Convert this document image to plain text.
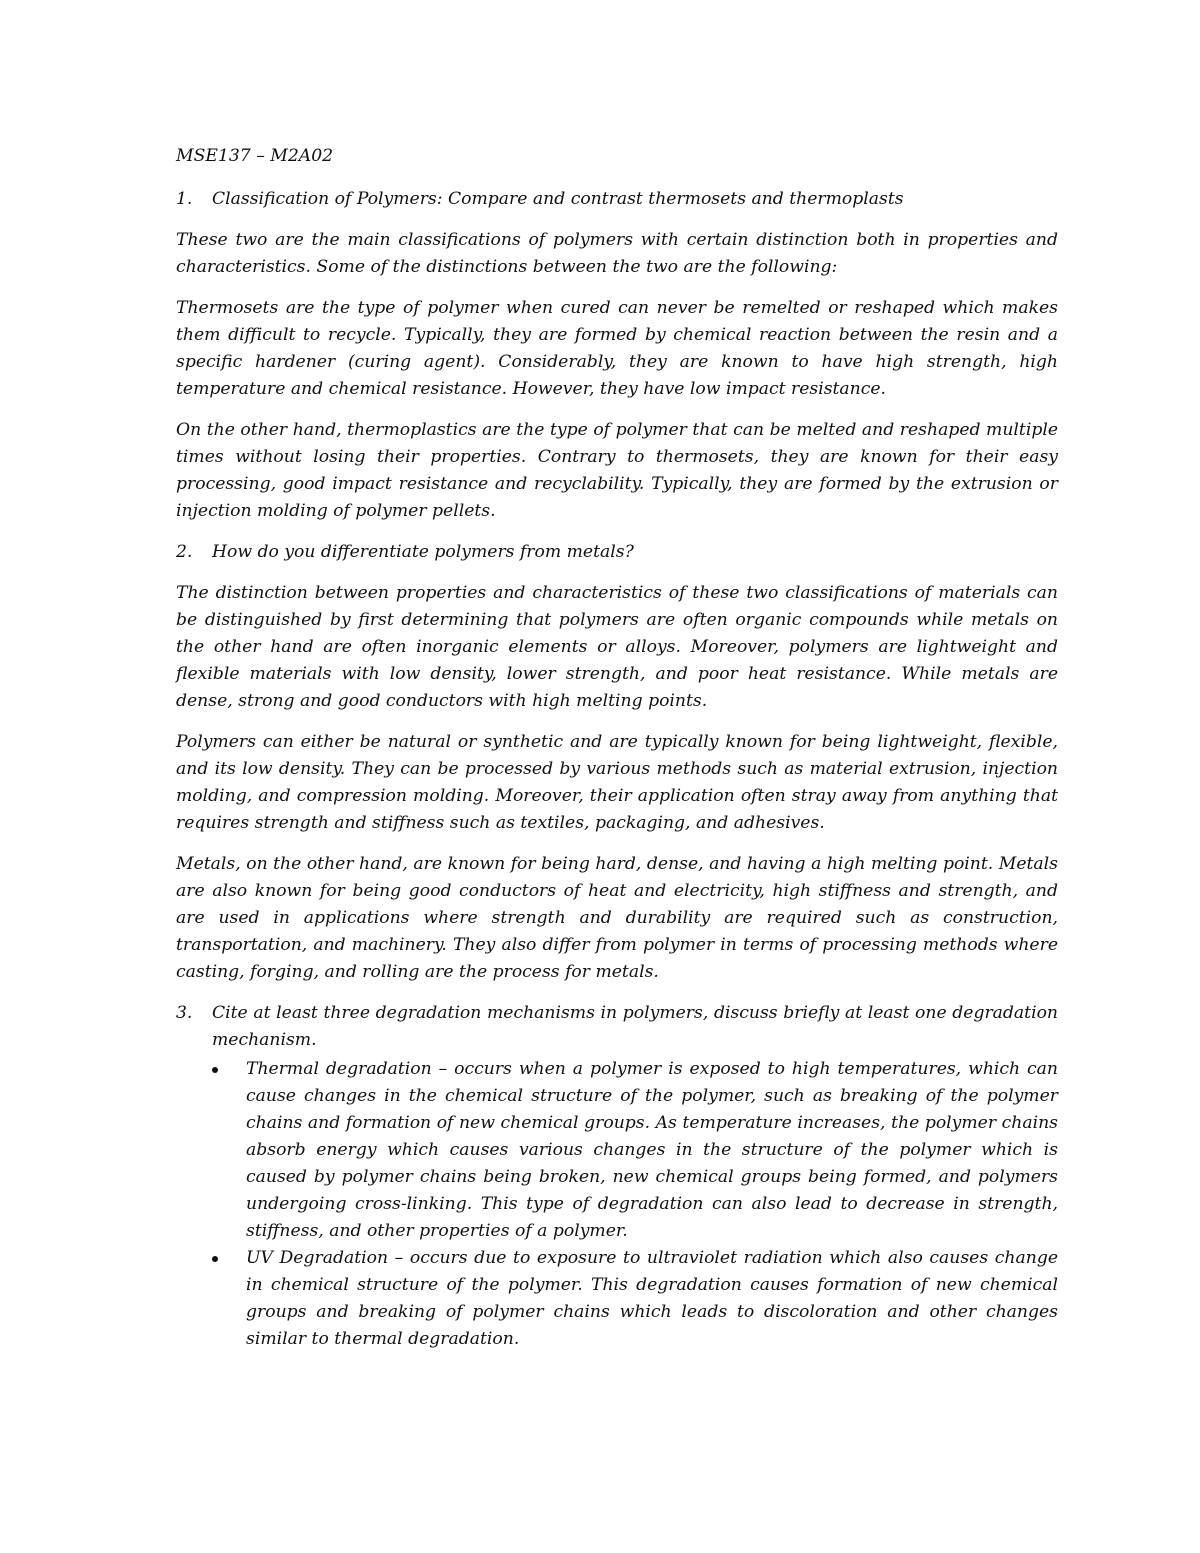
MSE137 – M2A02
1.	Classification of Polymers: Compare and contrast thermosets and thermoplasts

These two are the main classifications of polymers with certain distinction both in properties and characteristics. Some of the distinctions between the two are the following:

Thermosets are the type of polymer when cured can never be remelted or reshaped which makes them difficult to recycle. Typically, they are formed by chemical reaction between the resin and a specific hardener (curing agent). Considerably, they are known to have high strength, high temperature and chemical resistance. However, they have low impact resistance.

On the other hand, thermoplastics are the type of polymer that can be melted and reshaped multiple times without losing their properties. Contrary to thermosets, they are known for their easy processing, good impact resistance and recyclability. Typically, they are formed by the extrusion or injection molding of polymer pellets.

2.	How do you differentiate polymers from metals?

The distinction between properties and characteristics of these two classifications of materials can be distinguished by first determining that polymers are often organic compounds while metals on the other hand are often inorganic elements or alloys. Moreover, polymers are lightweight and flexible materials with low density, lower strength, and poor heat resistance. While metals are dense, strong and good conductors with high melting points.

Polymers can either be natural or synthetic and are typically known for being lightweight, flexible, and its low density. They can be processed by various methods such as material extrusion, injection molding, and compression molding. Moreover, their application often stray away from anything that requires strength and stiffness such as textiles, packaging, and adhesives.

Metals, on the other hand, are known for being hard, dense, and having a high melting point. Metals are also known for being good conductors of heat and electricity, high stiffness and strength, and are used in applications where strength and durability are required such as construction, transportation, and machinery. They also differ from polymer in terms of processing methods where casting, forging, and rolling are the process for metals.

3.	Cite at least three degradation mechanisms in polymers, discuss briefly at least one degradation mechanism.
Thermal degradation – occurs when a polymer is exposed to high temperatures, which can cause changes in the chemical structure of the polymer, such as breaking of the polymer chains and formation of new chemical groups. As temperature increases, the polymer chains absorb energy which causes various changes in the structure of the polymer which is caused by polymer chains being broken, new chemical groups being formed, and polymers undergoing cross-linking. This type of degradation can also lead to decrease in strength, stiffness, and other properties of a polymer.
UV Degradation – occurs due to exposure to ultraviolet radiation which also causes change in chemical structure of the polymer. This degradation causes formation of new chemical groups and breaking of polymer chains which leads to discoloration and other changes similar to thermal degradation.
